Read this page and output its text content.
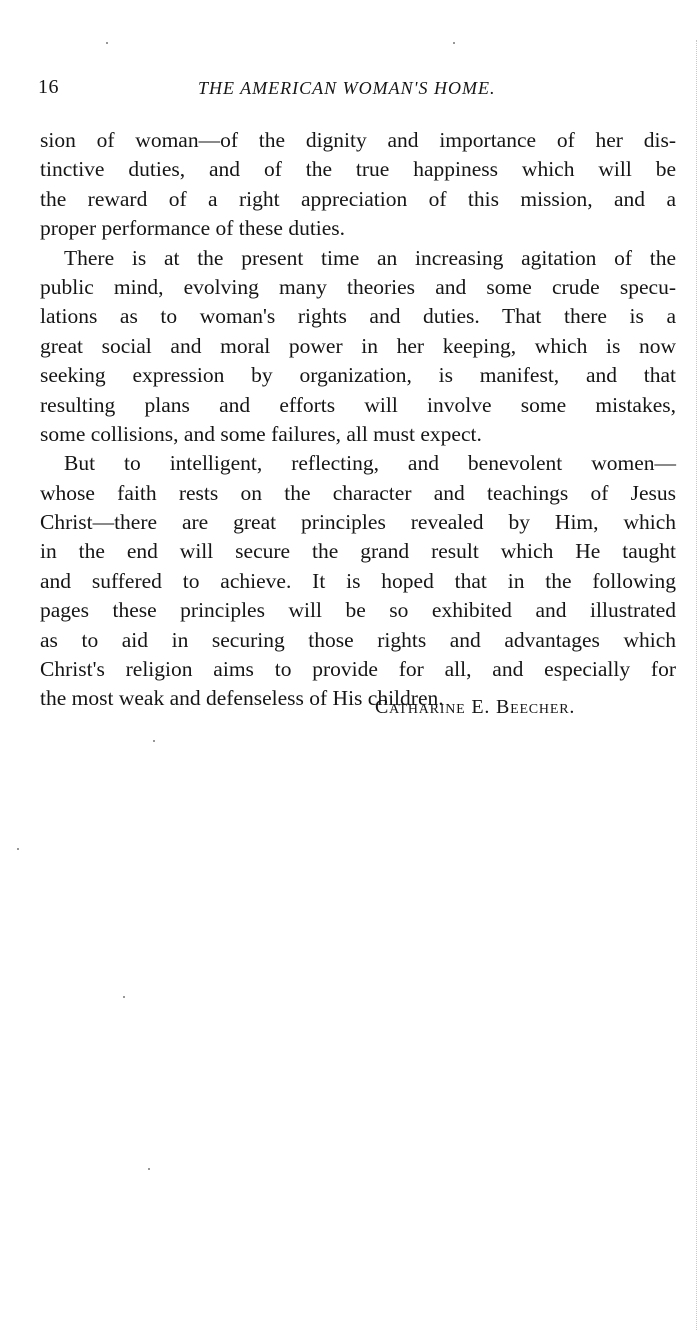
16	THE AMERICAN WOMAN'S HOME.
sion of woman—of the dignity and importance of her dis-
tinctive duties, and of the true happiness which will be
the reward of a right appreciation of this mission, and a
proper performance of these duties.
There is at the present time an increasing agitation of the
public mind, evolving many theories and some crude specu-
lations as to woman's rights and duties. That there is a
great social and moral power in her keeping, which is now
seeking expression by organization, is manifest, and that
resulting plans and efforts will involve some mistakes,
some collisions, and some failures, all must expect.
But to intelligent, reflecting, and benevolent women—
whose faith rests on the character and teachings of Jesus
Christ—there are great principles revealed by Him, which
in the end will secure the grand result which He taught
and suffered to achieve. It is hoped that in the following
pages these principles will be so exhibited and illustrated
as to aid in securing those rights and advantages which
Christ's religion aims to provide for all, and especially for
the most weak and defenseless of His children.
Catharine E. Beecher.
